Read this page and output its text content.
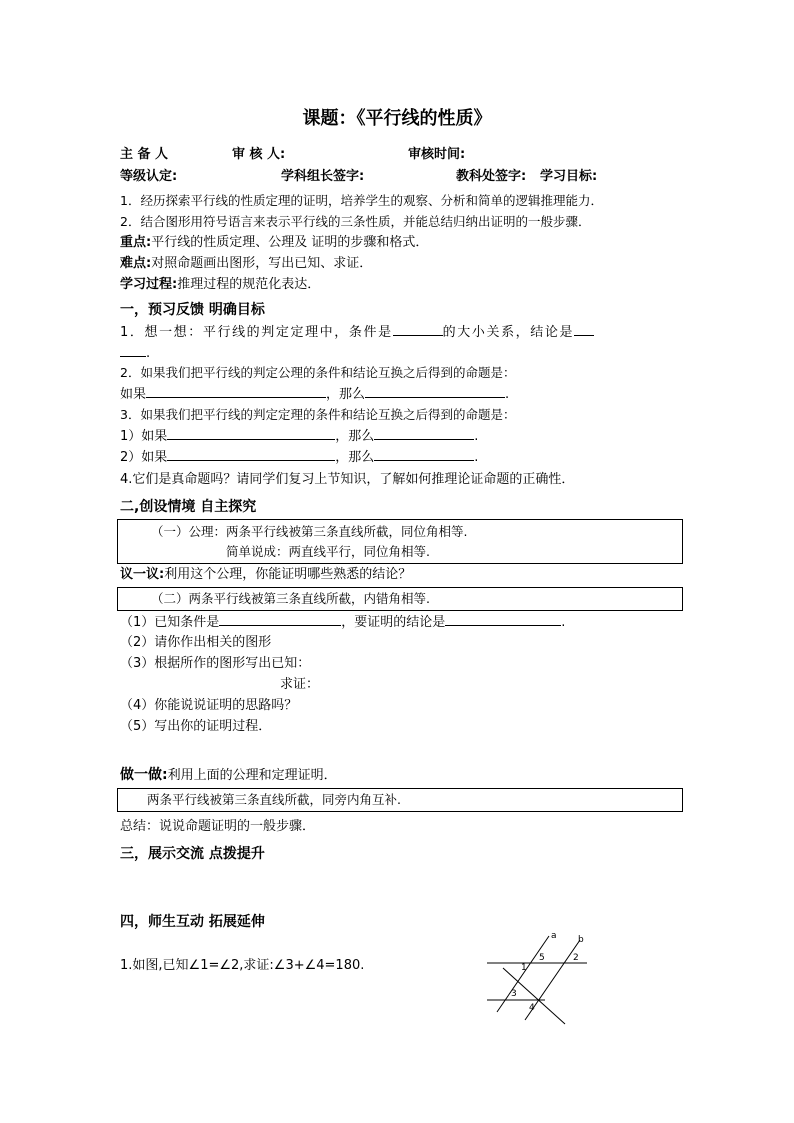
课题：《平行线的性质》
主 备 人	审 核 人:	审核时间:
等级认定:	学科组长签字:	教科处签字: 学习目标:
1．经历探索平行线的性质定理的证明，培养学生的观察、分析和简单的逻辑推理能力．
2．结合图形用符号语言来表示平行线的三条性质，并能总结归纳出证明的一般步骤．
重点:平行线的性质定理、公理及 证明的步骤和格式．
难点:对照命题画出图形，写出已知、求证．
学习过程:推理过程的规范化表达．
一，预习反馈 明确目标
1．想一想：平行线的判定定理中，条件是	的大小关系，结论是
.
2．如果我们把平行线的判定公理的条件和结论互换之后得到的命题是：
如果	，那么	.
3．如果我们把平行线的判定定理的条件和结论互换之后得到的命题是：
1）如果	，那么	.
2）如果	，那么	.
4.它们是真命题吗？请同学们复习上节知识，了解如何推理论证命题的正确性．
二,创设情境 自主探究
（一）公理：两条平行线被第三条直线所截，同位角相等.
简单说成：两直线平行，同位角相等.
议一议:利用这个公理，你能证明哪些熟悉的结论？
（二）两条平行线被第三条直线所截，内错角相等.
（1）已知条件是	，要证明的结论是	.
（2）请你作出相关的图形
（3）根据所作的图形写出已知：
求证：
（4）你能说说证明的思路吗？
（5）写出你的证明过程．
做一做:利用上面的公理和定理证明．
两条平行线被第三条直线所截，同旁内角互补.
总结：说说命题证明的一般步骤．
三，展示交流 点拨提升
四，师生互动 拓展延伸
1.如图,已知∠1=∠2,求证:∠3+∠4=180.
a b
1
2
3
4
5
